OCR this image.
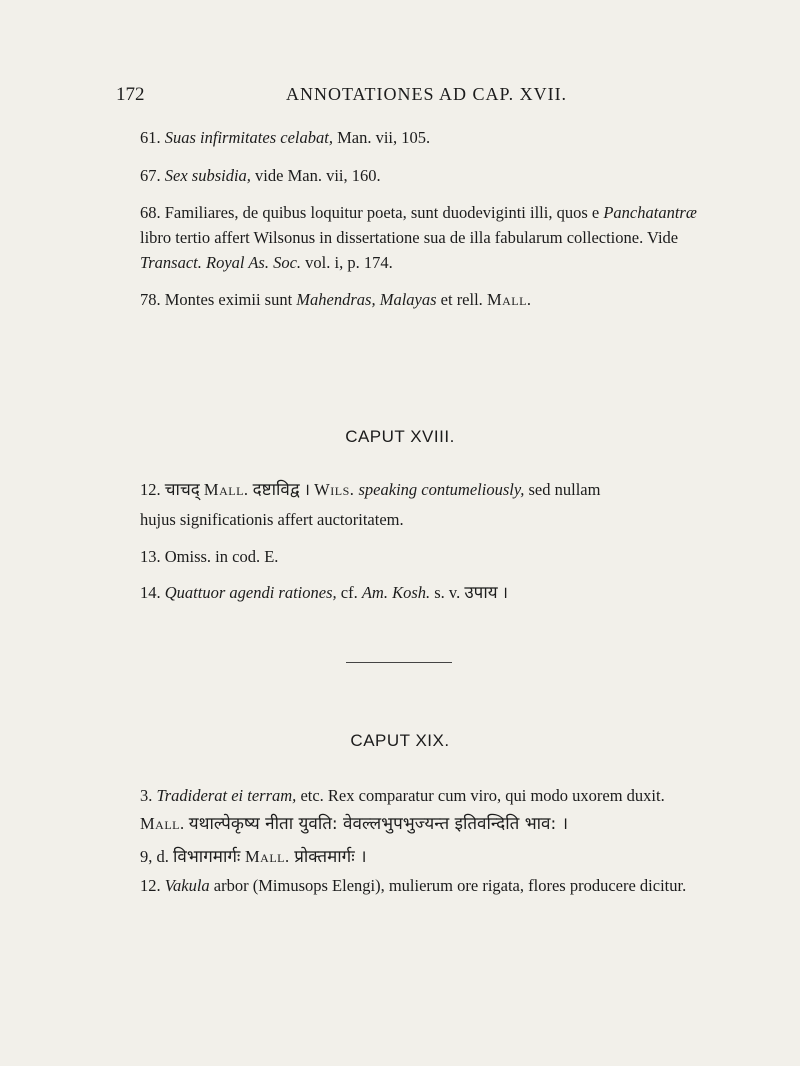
172	ANNOTATIONES AD CAP. XVII.
61. Suas infirmitates celabat, Man. vii, 105.
67. Sex subsidia, vide Man. vii, 160.
68. Familiares, de quibus loquitur poeta, sunt duodeviginti illi, quos e Panchatantræ
libro tertio affert Wilsonus in dissertatione sua de illa fabularum collectione. Vide
Transact. Royal As. Soc. vol. i, p. 174.
78. Montes eximii sunt Mahendras, Malayas et rell. Mall.
CAPUT XVIII.
12. चाचद् Mall. दष्टाविद्व । Wils. speaking contumeliously, sed nullam
hujus significationis affert auctoritatem.
13. Omiss. in cod. E.
14. Quattuor agendi rationes, cf. Am. Kosh. s. v. उपाय ।
CAPUT XIX.
3. Tradiderat ei terram, etc. Rex comparatur cum viro, qui modo uxorem duxit.
Mall. यथाल्पेकृष्य नीता युवति: वेवल्लभुपभुज्यन्त इतिवन्दिति भाव: ।
9, d. विभागमार्गः Mall. प्रोक्तमार्गः ।
12. Vakula arbor (Mimusops Elengi), mulierum ore rigata, flores producere dicitur.
